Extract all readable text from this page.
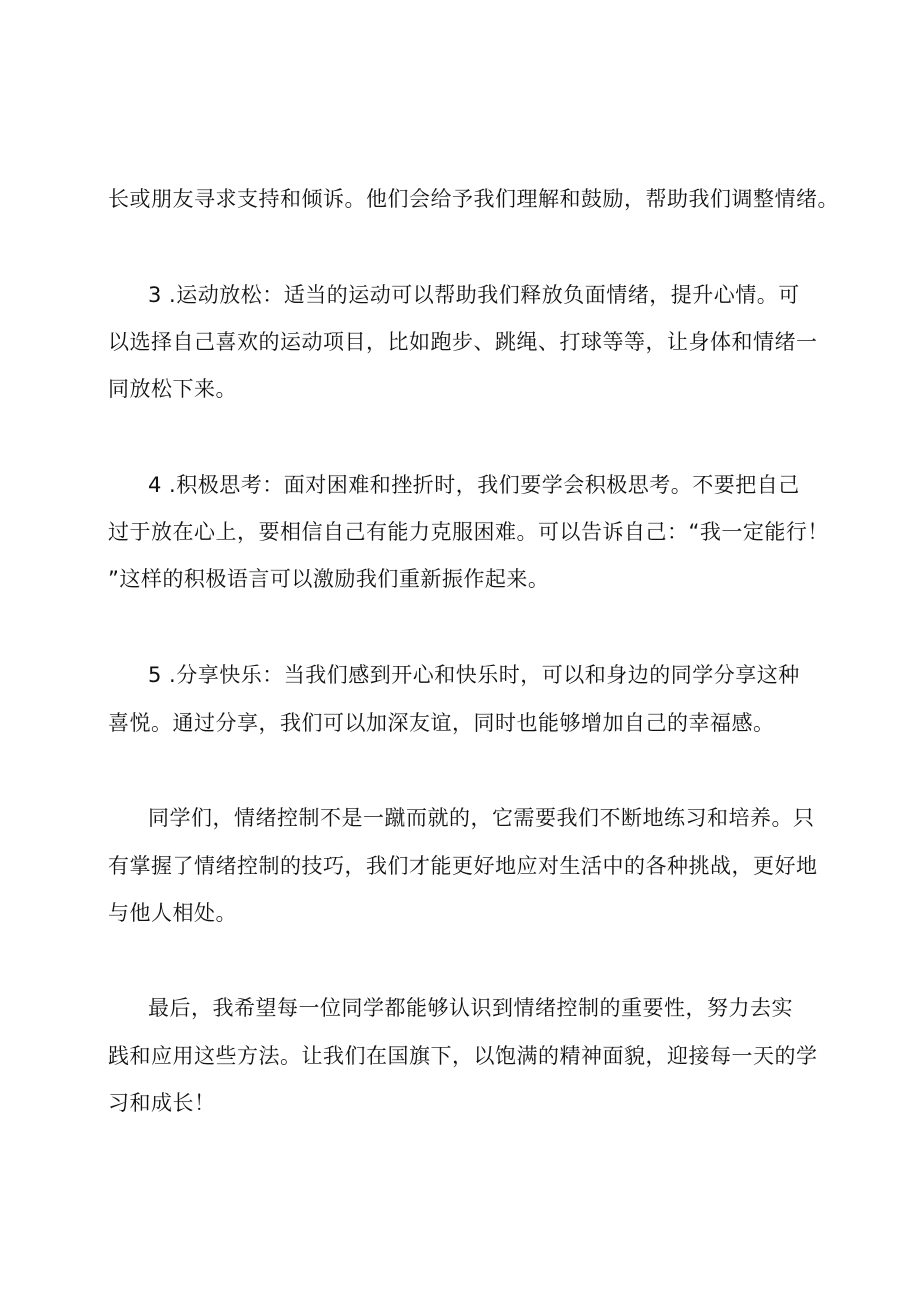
长或朋友寻求支持和倾诉。他们会给予我们理解和鼓励，帮助我们调整情绪。
3 .运动放松：适当的运动可以帮助我们释放负面情绪，提升心情。可
以选择自己喜欢的运动项目，比如跑步、跳绳、打球等等，让身体和情绪一
同放松下来。
4 .积极思考：面对困难和挫折时，我们要学会积极思考。不要把自己
过于放在心上，要相信自己有能力克服困难。可以告诉自己：“我一定能行！
”这样的积极语言可以激励我们重新振作起来。
5 .分享快乐：当我们感到开心和快乐时，可以和身边的同学分享这种
喜悦。通过分享，我们可以加深友谊，同时也能够增加自己的幸福感。
同学们，情绪控制不是一蹴而就的，它需要我们不断地练习和培养。只
有掌握了情绪控制的技巧，我们才能更好地应对生活中的各种挑战，更好地
与他人相处。
最后，我希望每一位同学都能够认识到情绪控制的重要性，努力去实
践和应用这些方法。让我们在国旗下，以饱满的精神面貌，迎接每一天的学
习和成长！
